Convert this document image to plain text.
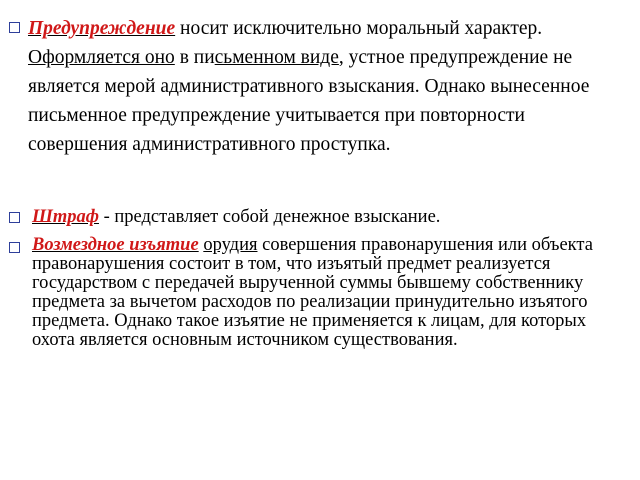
Предупреждение носит исключительно моральный характер. Оформляется оно в письменном виде, устное предупреждение не является мерой административного взыскания. Однако вынесенное письменное предупреждение учитывается при повторности совершения административного проступка.

Штраф - представляет собой денежное взыскание.

Возмездное изъятие орудия совершения правонарушения или объекта правонарушения состоит в том, что изъятый предмет реализуется государством с передачей вырученной суммы бывшему собственнику предмета за вычетом расходов по реализации принудительно изъятого предмета. Однако такое изъятие не применяется к лицам, для которых охота является основным источником существования.
